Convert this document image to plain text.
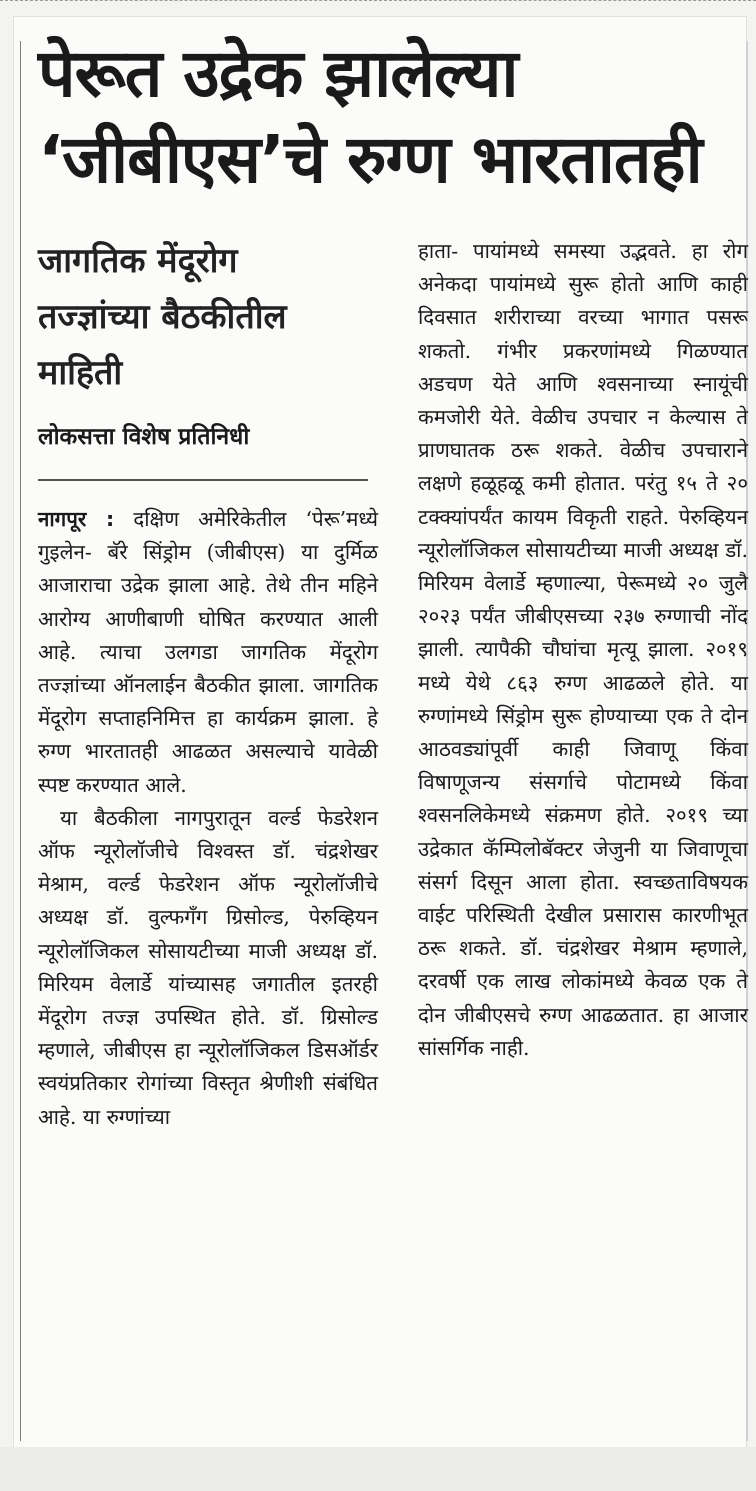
पेरूत उद्रेक झालेल्या
‘जीबीएस’चे रुग्ण भारतातही
जागतिक मेंदूरोग
तज्ज्ञांच्या बैठकीतील
माहिती
लोकसत्ता विशेष प्रतिनिधी

नागपूर : दक्षिण अमेरिकेतील ‘पेरू’मध्ये गुइलेन- बॅरे सिंड्रोम (जीबीएस) या दुर्मिळ आजाराचा उद्रेक झाला आहे. तेथे तीन महिने आरोग्य आणीबाणी घोषित करण्यात आली आहे. त्याचा उलगडा जागतिक मेंदूरोग तज्ज्ञांच्या ऑनलाईन बैठकीत झाला. जागतिक मेंदूरोग सप्ताहनिमित्त हा कार्यक्रम झाला. हे रुग्ण भारतातही आढळत असल्याचे यावेळी स्पष्ट करण्यात आले.

या बैठकीला नागपुरातून वर्ल्ड फेडरेशन ऑफ न्यूरोलॉजीचे विश्वस्त डॉ. चंद्रशेखर मेश्राम, वर्ल्ड फेडरेशन ऑफ न्यूरोलॉजीचे अध्यक्ष डॉ. वुल्फगँग ग्रिसोल्ड, पेरुव्हियन न्यूरोलॉजिकल सोसायटीच्या माजी अध्यक्ष डॉ. मिरियम वेलार्डे यांच्यासह जगातील इतरही मेंदूरोग तज्ज्ञ उपस्थित होते. डॉ. ग्रिसोल्ड म्हणाले, जीबीएस हा न्यूरोलॉजिकल डिसऑर्डर स्वयंप्रतिकार रोगांच्या विस्तृत श्रेणीशी संबंधित आहे. या रुग्णांच्या

हाता- पायांमध्ये समस्या उद्भवते. हा रोग अनेकदा पायांमध्ये सुरू होतो आणि काही दिवसात शरीराच्या वरच्या भागात पसरू शकतो. गंभीर प्रकरणांमध्ये गिळण्यात अडचण येते आणि श्वसनाच्या स्नायूंची कमजोरी येते. वेळीच उपचार न केल्यास ते प्राणघातक ठरू शकते. वेळीच उपचाराने लक्षणे हळूहळू कमी होतात. परंतु १५ ते २० टक्क्यांपर्यंत कायम विकृती राहते. पेरुव्हियन न्यूरोलॉजिकल सोसायटीच्या माजी अध्यक्ष डॉ. मिरियम वेलार्डे म्हणाल्या, पेरूमध्ये २० जुलै २०२३ पर्यंत जीबीएसच्या २३७ रुग्णाची नोंद झाली. त्यापैकी चौघांचा मृत्यू झाला. २०१९ मध्ये येथे ८६३ रुग्ण आढळले होते. या रुग्णांमध्ये सिंड्रोम सुरू होण्याच्या एक ते दोन आठवड्यांपूर्वी काही जिवाणू किंवा विषाणूजन्य संसर्गाचे पोटामध्ये किंवा श्वसनलिकेमध्ये संक्रमण होते. २०१९ च्या उद्रेकात कॅम्पिलोबॅक्टर जेजुनी या जिवाणूचा संसर्ग दिसून आला होता. स्वच्छताविषयक वाईट परिस्थिती देखील प्रसारास कारणीभूत ठरू शकते. डॉ. चंद्रशेखर मेश्राम म्हणाले, दरवर्षी एक लाख लोकांमध्ये केवळ एक ते दोन जीबीएसचे रुग्ण आढळतात. हा आजार सांसर्गिक नाही.
